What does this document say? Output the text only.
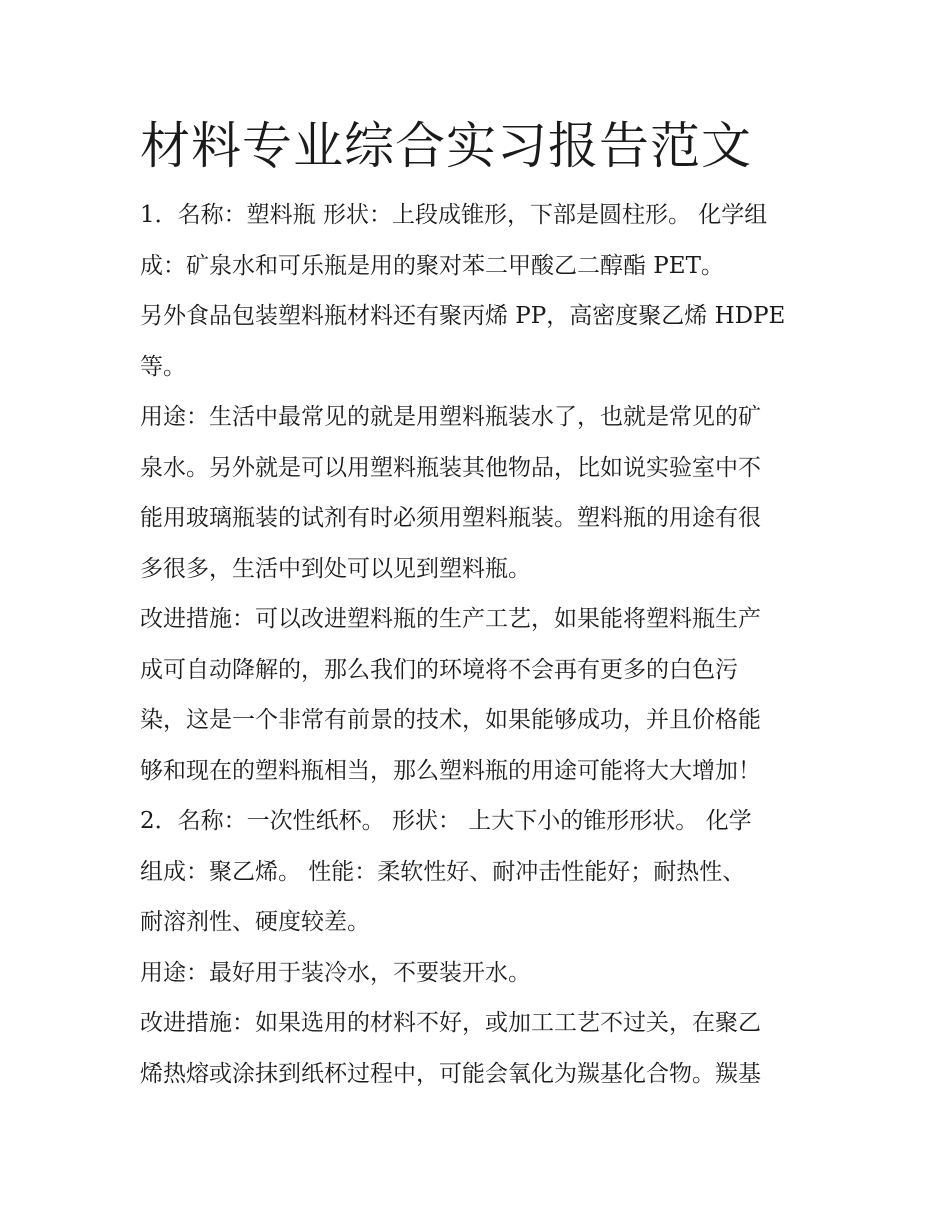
材料专业综合实习报告范文

1．名称：塑料瓶 形状：上段成锥形，下部是圆柱形。 化学组

成：矿泉水和可乐瓶是用的聚对苯二甲酸乙二醇酯 PET。

另外食品包装塑料瓶材料还有聚丙烯 PP，高密度聚乙烯 HDPE

等。

用途：生活中最常见的就是用塑料瓶装水了，也就是常见的矿

泉水。另外就是可以用塑料瓶装其他物品，比如说实验室中不

能用玻璃瓶装的试剂有时必须用塑料瓶装。塑料瓶的用途有很

多很多，生活中到处可以见到塑料瓶。

改进措施：可以改进塑料瓶的生产工艺，如果能将塑料瓶生产

成可自动降解的，那么我们的环境将不会再有更多的白色污

染，这是一个非常有前景的技术，如果能够成功，并且价格能

够和现在的塑料瓶相当，那么塑料瓶的用途可能将大大增加！

2．名称：一次性纸杯。 形状： 上大下小的锥形形状。 化学

组成：聚乙烯。 性能：柔软性好、耐冲击性能好；耐热性、

耐溶剂性、硬度较差。

用途：最好用于装冷水，不要装开水。

改进措施：如果选用的材料不好，或加工工艺不过关，在聚乙

烯热熔或涂抹到纸杯过程中，可能会氧化为羰基化合物。羰基
